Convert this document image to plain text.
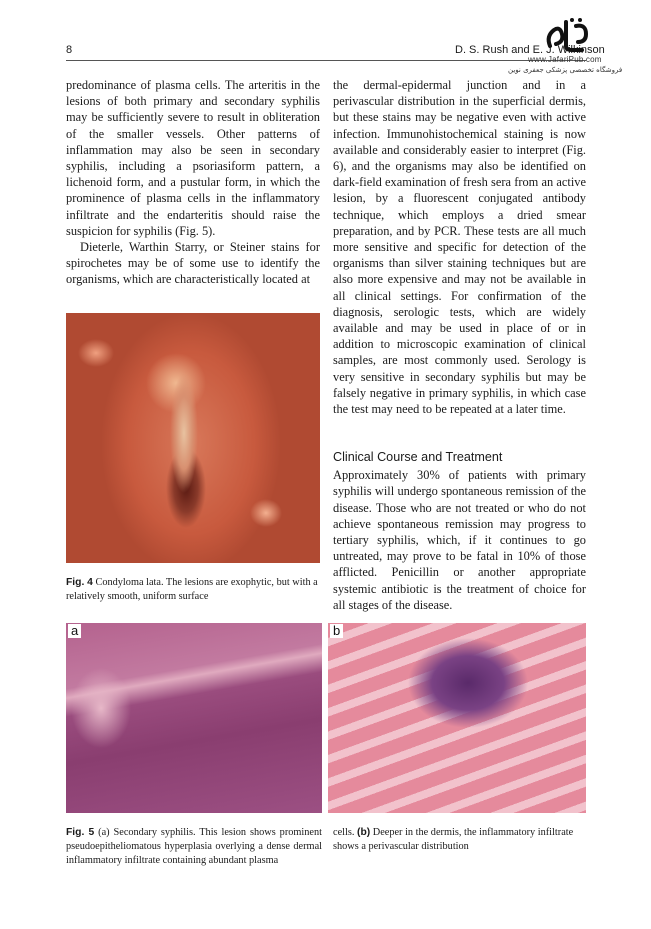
8	D. S. Rush and E. J. Wilkinson
www.JafariPub.com
فروشگاه تخصصی پزشکی جعفری نوین

predominance of plasma cells. The arteritis in the lesions of both primary and secondary syphilis may be sufficiently severe to result in obliteration of the smaller vessels. Other patterns of inflammation may also be seen in secondary syphilis, including a psoriasiform pattern, a lichenoid form, and a pustular form, in which the prominence of plasma cells in the inflammatory infiltrate and the endarteritis should raise the suspicion for syphilis (Fig. 5).

Dieterle, Warthin Starry, or Steiner stains for spirochetes may be of some use to identify the organisms, which are characteristically located at

the dermal-epidermal junction and in a perivascular distribution in the superficial dermis, but these stains may be negative even with active infection. Immunohistochemical staining is now available and considerably easier to interpret (Fig. 6), and the organisms may also be identified on dark-field examination of fresh sera from an active lesion, by a fluorescent conjugated antibody technique, which employs a dried smear preparation, and by PCR. These tests are all much more sensitive and specific for detection of the organisms than silver staining techniques but are also more expensive and may not be available in all clinical settings. For confirmation of the diagnosis, serologic tests, which are widely available and may be used in place of or in addition to microscopic examination of clinical samples, are most commonly used. Serology is very sensitive in secondary syphilis but may be falsely negative in primary syphilis, in which case the test may need to be repeated at a later time.

Clinical Course and Treatment

Approximately 30% of patients with primary syphilis will undergo spontaneous remission of the disease. Those who are not treated or who do not achieve spontaneous remission may progress to tertiary syphilis, which, if it continues to go untreated, may prove to be fatal in 10% of those afflicted. Penicillin or another appropriate systemic antibiotic is the treatment of choice for all stages of the disease.

Fig. 4 Condyloma lata. The lesions are exophytic, but with a relatively smooth, uniform surface
a	b
Fig. 5 (a) Secondary syphilis. This lesion shows prominent pseudoepitheliomatous hyperplasia overlying a dense dermal inflammatory infiltrate containing abundant plasma
cells. (b) Deeper in the dermis, the inflammatory infiltrate shows a perivascular distribution
